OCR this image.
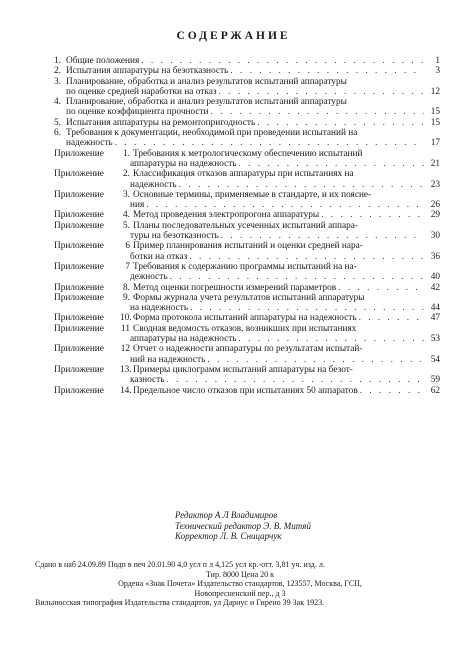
СОДЕРЖАНИЕ
1. Общие положения . . .	1
2. Испытания аппаратуры на безотказность . . .	3
3. Планирование, обработка и анализ результатов испытаний аппаратуры
по оценке средней наработки на отказ . . .	12
4. Планирование, обработка и анализ результатов испытаний аппаратуры
по оценке коэффициента прочности . . .	15
5. Испытания аппаратуры на ремонтопригодность . . .	15
6. Требования к документации, необходимой при проведении испытаний на
надежность . . .	17
Приложение	1. Требования к метрологическому обеспечению испытаний
аппаратуры на надежность . . .	21
Приложение	2. Классификация отказов аппаратуры при испытаниях на
надежность . . .	23
Приложение	3. Основные термины, применяемые в стандарте, и их поясне-
ния . . .	26
Приложение	4. Метод проведения электропрогона аппаратуры . . .	29
Приложение	5. Планы последовательных усеченных испытаний аппара-
туры на безотказность . . .	30
Приложение	6 Пример планирования испытаний и оценки средней нара-
ботки на отказ . . .	36
Приложение	7 Требования к содержанию программы испытаний на на-
дежность . . .	40
Приложение	8. Метод оценки погрешности измерений параметров . . .	42
Приложение	9. Формы журнала учета результатов испытаний аппаратуры
на надежность . . .	44
Приложение	10. Форма протокола испытаний аппаратуры на надежность . . .	47
Приложение	11 Сводная ведомость отказов, возникших при испытаниях
аппаратуры на надежность . . .	53
Приложение	12 Отчет о надежности аппаратуры по результатам испытай-
ний на надежность . . .	54
Приложение	13. Примеры циклограмм испытаний аппаратуры на безот-
казность . . .	59
Приложение	14. Предельное число отказов при испытаниях 50 аппаратов . . .	62
Редактор А Л Владимиров
Технический редактор Э. В. Митяй
Корректор Л. В. Сницарчук
Сдано в наб 24.09.89 Подп в печ 20.01.90 4,0 усл п л 4,125 усл кр.-отт. 3,81 уч. изд. л.
Тир. 8000 Цена 20 к
Ордена «Знак Почета» Издательство стандартов, 123557, Москва, ГСП,
Новопресненский пер., д 3
Вильнюсская типография Издательства стандартов, ул Дариус и Гирено 39 Зак 1923.
